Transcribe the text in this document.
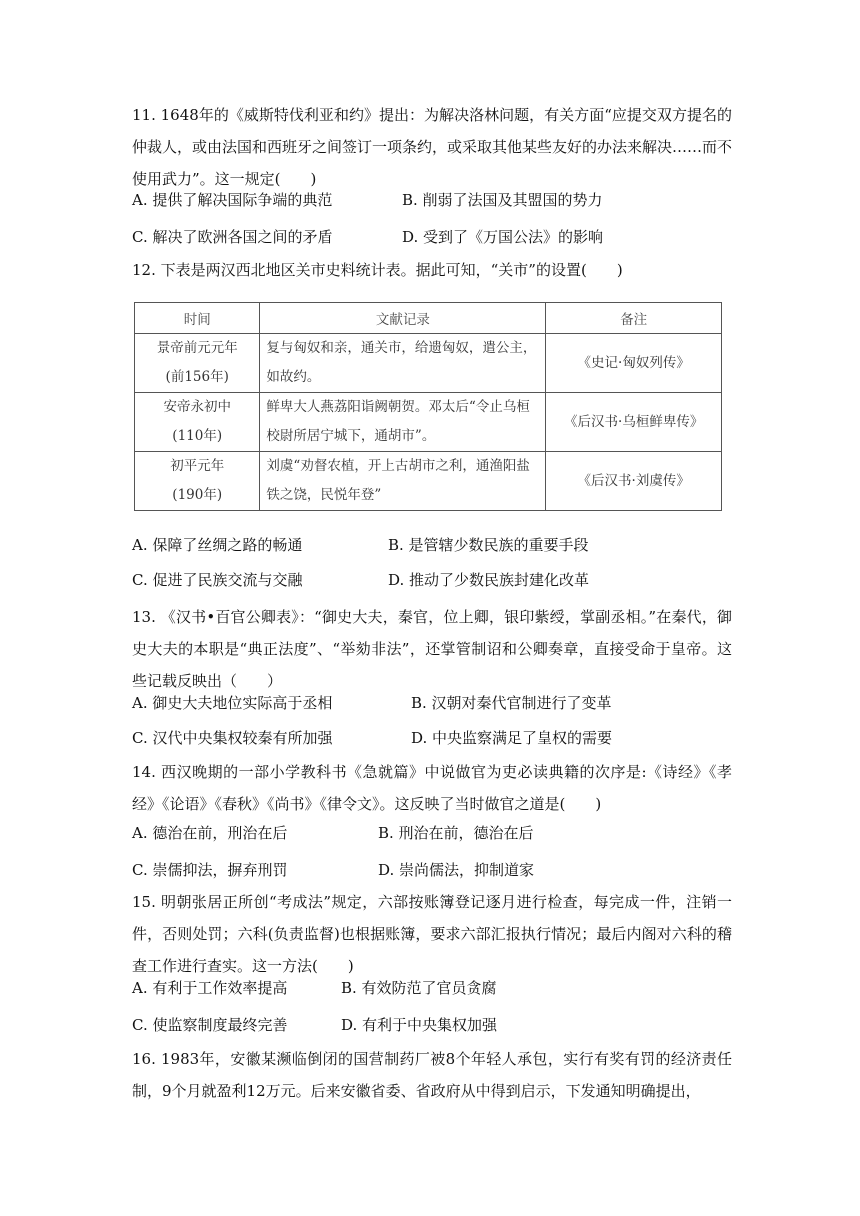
11. 1648年的《威斯特伐利亚和约》提出：为解决洛林问题，有关方面“应提交双方提名的仲裁人，或由法国和西班牙之间签订一项条约，或采取其他某些友好的办法来解决……而不使用武力”。这一规定(　　)

A. 提供了解决国际争端的典范	B. 削弱了法国及其盟国的势力
C. 解决了欧洲各国之间的矛盾	D. 受到了《万国公法》的影响

12. 下表是两汉西北地区关市史料统计表。据此可知，“关市”的设置(　　)

时间	文献记录	备注
景帝前元元年
(前156年)	复与匈奴和亲，通关市，给遗匈奴，遣公主，如故约。	《史记·匈奴列传》
安帝永初中
(110年)	鲜卑大人燕荔阳诣阙朝贺。邓太后“令止乌桓校尉所居宁城下，通胡市”。	《后汉书·乌桓鲜卑传》
初平元年
(190年)	刘虞“劝督农植，开上古胡市之利，通渔阳盐铁之饶，民悦年登”	《后汉书·刘虞传》
A. 保障了丝绸之路的畅通	B. 是管辖少数民族的重要手段
C. 促进了民族交流与交融	D. 推动了少数民族封建化改革

13. 《汉书•百官公卿表》：“御史大夫，秦官，位上卿，银印紫绶，掌副丞相。”在秦代，御史大夫的本职是“典正法度”、“举劾非法”，还掌管制诏和公卿奏章，直接受命于皇帝。这些记载反映出（　　）

A. 御史大夫地位实际高于丞相	B. 汉朝对秦代官制进行了变革
C. 汉代中央集权较秦有所加强	D. 中央监察满足了皇权的需要

14. 西汉晚期的一部小学教科书《急就篇》中说做官为吏必读典籍的次序是:《诗经》《孝经》《论语》《春秋》《尚书》《律令文》。这反映了当时做官之道是(　　)

A. 德治在前，刑治在后	B. 刑治在前，德治在后
C. 崇儒抑法，摒弃刑罚	D. 崇尚儒法，抑制道家

15. 明朝张居正所创“考成法”规定，六部按账簿登记逐月进行检查，每完成一件，注销一件，否则处罚；六科(负责监督)也根据账簿，要求六部汇报执行情况；最后内阁对六科的稽查工作进行查实。这一方法(　　)

A. 有利于工作效率提高	B. 有效防范了官员贪腐
C. 使监察制度最终完善	D. 有利于中央集权加强

16. 1983年，安徽某濒临倒闭的国营制药厂被8个年轻人承包，实行有奖有罚的经济责任制，9个月就盈利12万元。后来安徽省委、省政府从中得到启示，下发通知明确提出，
